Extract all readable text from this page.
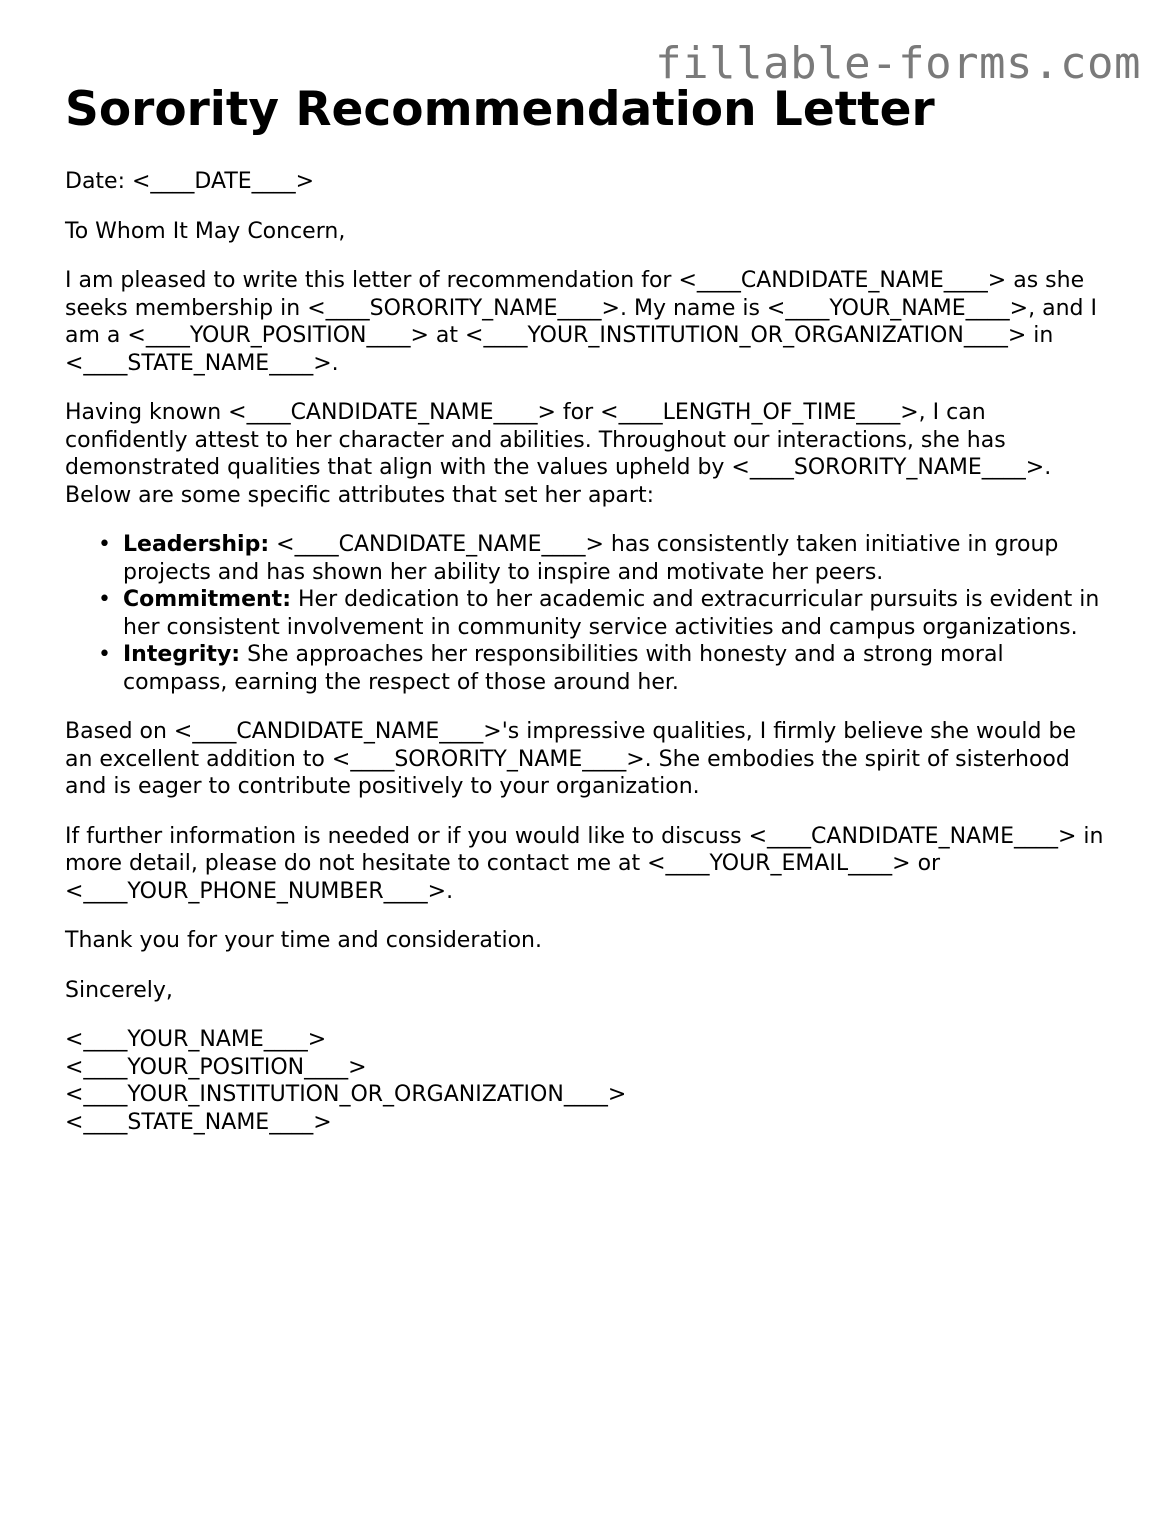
fillable-forms.com
Sorority Recommendation Letter

Date: <____DATE____>

To Whom It May Concern,

I am pleased to write this letter of recommendation for <____CANDIDATE_NAME____> as she seeks membership in <____SORORITY_NAME____>. My name is <____YOUR_NAME____>, and I am a <____YOUR_POSITION____> at <____YOUR_INSTITUTION_OR_ORGANIZATION____> in <____STATE_NAME____>.

Having known <____CANDIDATE_NAME____> for <____LENGTH_OF_TIME____>, I can confidently attest to her character and abilities. Throughout our interactions, she has demonstrated qualities that align with the values upheld by <____SORORITY_NAME____>. Below are some specific attributes that set her apart:

• Leadership: <____CANDIDATE_NAME____> has consistently taken initiative in group projects and has shown her ability to inspire and motivate her peers.
• Commitment: Her dedication to her academic and extracurricular pursuits is evident in her consistent involvement in community service activities and campus organizations.
• Integrity: She approaches her responsibilities with honesty and a strong moral compass, earning the respect of those around her.

Based on <____CANDIDATE_NAME____>'s impressive qualities, I firmly believe she would be an excellent addition to <____SORORITY_NAME____>. She embodies the spirit of sisterhood and is eager to contribute positively to your organization.

If further information is needed or if you would like to discuss <____CANDIDATE_NAME____> in more detail, please do not hesitate to contact me at <____YOUR_EMAIL____> or <____YOUR_PHONE_NUMBER____>.

Thank you for your time and consideration.

Sincerely,

<____YOUR_NAME____>

<____YOUR_POSITION____>

<____YOUR_INSTITUTION_OR_ORGANIZATION____>

<____STATE_NAME____>
